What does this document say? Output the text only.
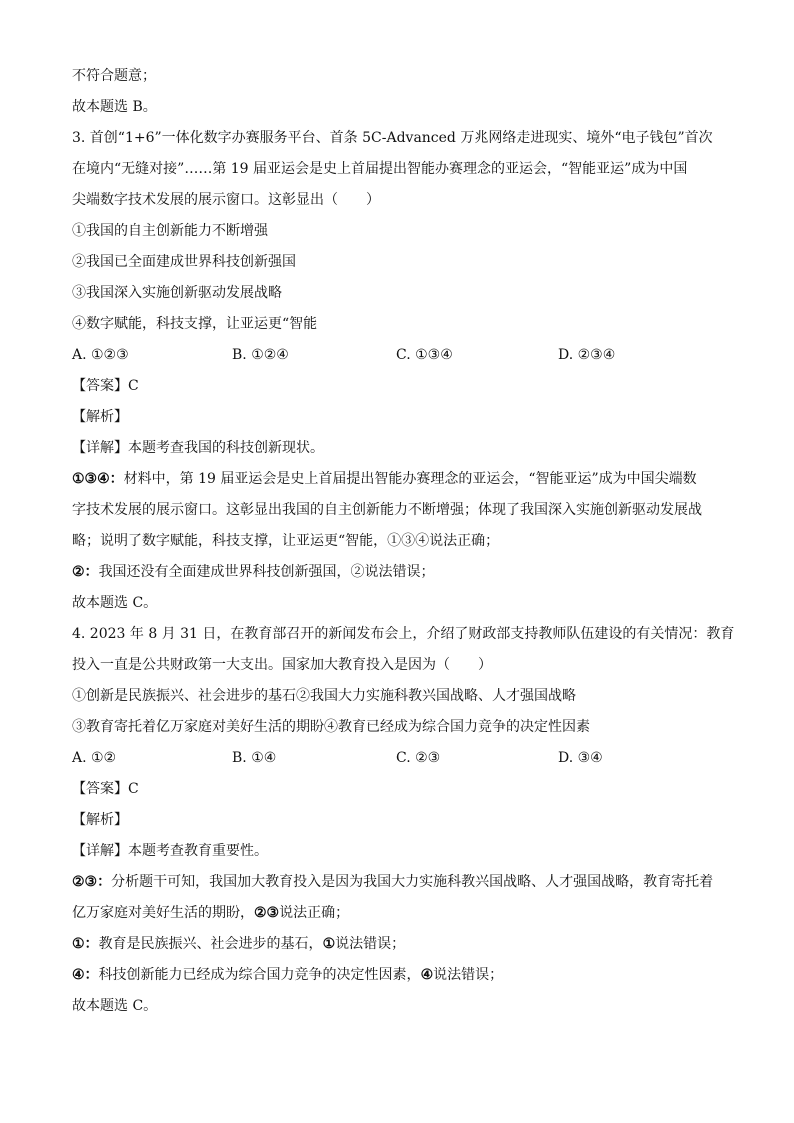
不符合题意；
故本题选 B。
3. 首创“1+6”一体化数字办赛服务平台、首条 5C-Advanced 万兆网络走进现实、境外“电子钱包”首次
在境内“无缝对接”……第 19 届亚运会是史上首届提出智能办赛理念的亚运会，“智能亚运”成为中国
尖端数字技术发展的展示窗口。这彰显出（　　）
①我国的自主创新能力不断增强
②我国已全面建成世界科技创新强国
③我国深入实施创新驱动发展战略
④数字赋能，科技支撑，让亚运更“智能
A. ①②③	B. ①②④	C. ①③④	D. ②③④
【答案】C
【解析】
【详解】本题考查我国的科技创新现状。
①③④：材料中，第 19 届亚运会是史上首届提出智能办赛理念的亚运会，“智能亚运”成为中国尖端数
字技术发展的展示窗口。这彰显出我国的自主创新能力不断增强；体现了我国深入实施创新驱动发展战
略；说明了数字赋能，科技支撑，让亚运更“智能，①③④说法正确；
②：我国还没有全面建成世界科技创新强国，②说法错误；
故本题选 C。
4. 2023 年 8 月 31 日，在教育部召开的新闻发布会上，介绍了财政部支持教师队伍建设的有关情况：教育
投入一直是公共财政第一大支出。国家加大教育投入是因为（　　）
①创新是民族振兴、社会进步的基石②我国大力实施科教兴国战略、人才强国战略
③教育寄托着亿万家庭对美好生活的期盼④教育已经成为综合国力竞争的决定性因素
A. ①②	B. ①④	C. ②③	D. ③④
【答案】C
【解析】
【详解】本题考查教育重要性。
②③：分析题干可知，我国加大教育投入是因为我国大力实施科教兴国战略、人才强国战略，教育寄托着
亿万家庭对美好生活的期盼，②③说法正确；
①：教育是民族振兴、社会进步的基石，①说法错误；
④：科技创新能力已经成为综合国力竞争的决定性因素，④说法错误；
故本题选 C。
